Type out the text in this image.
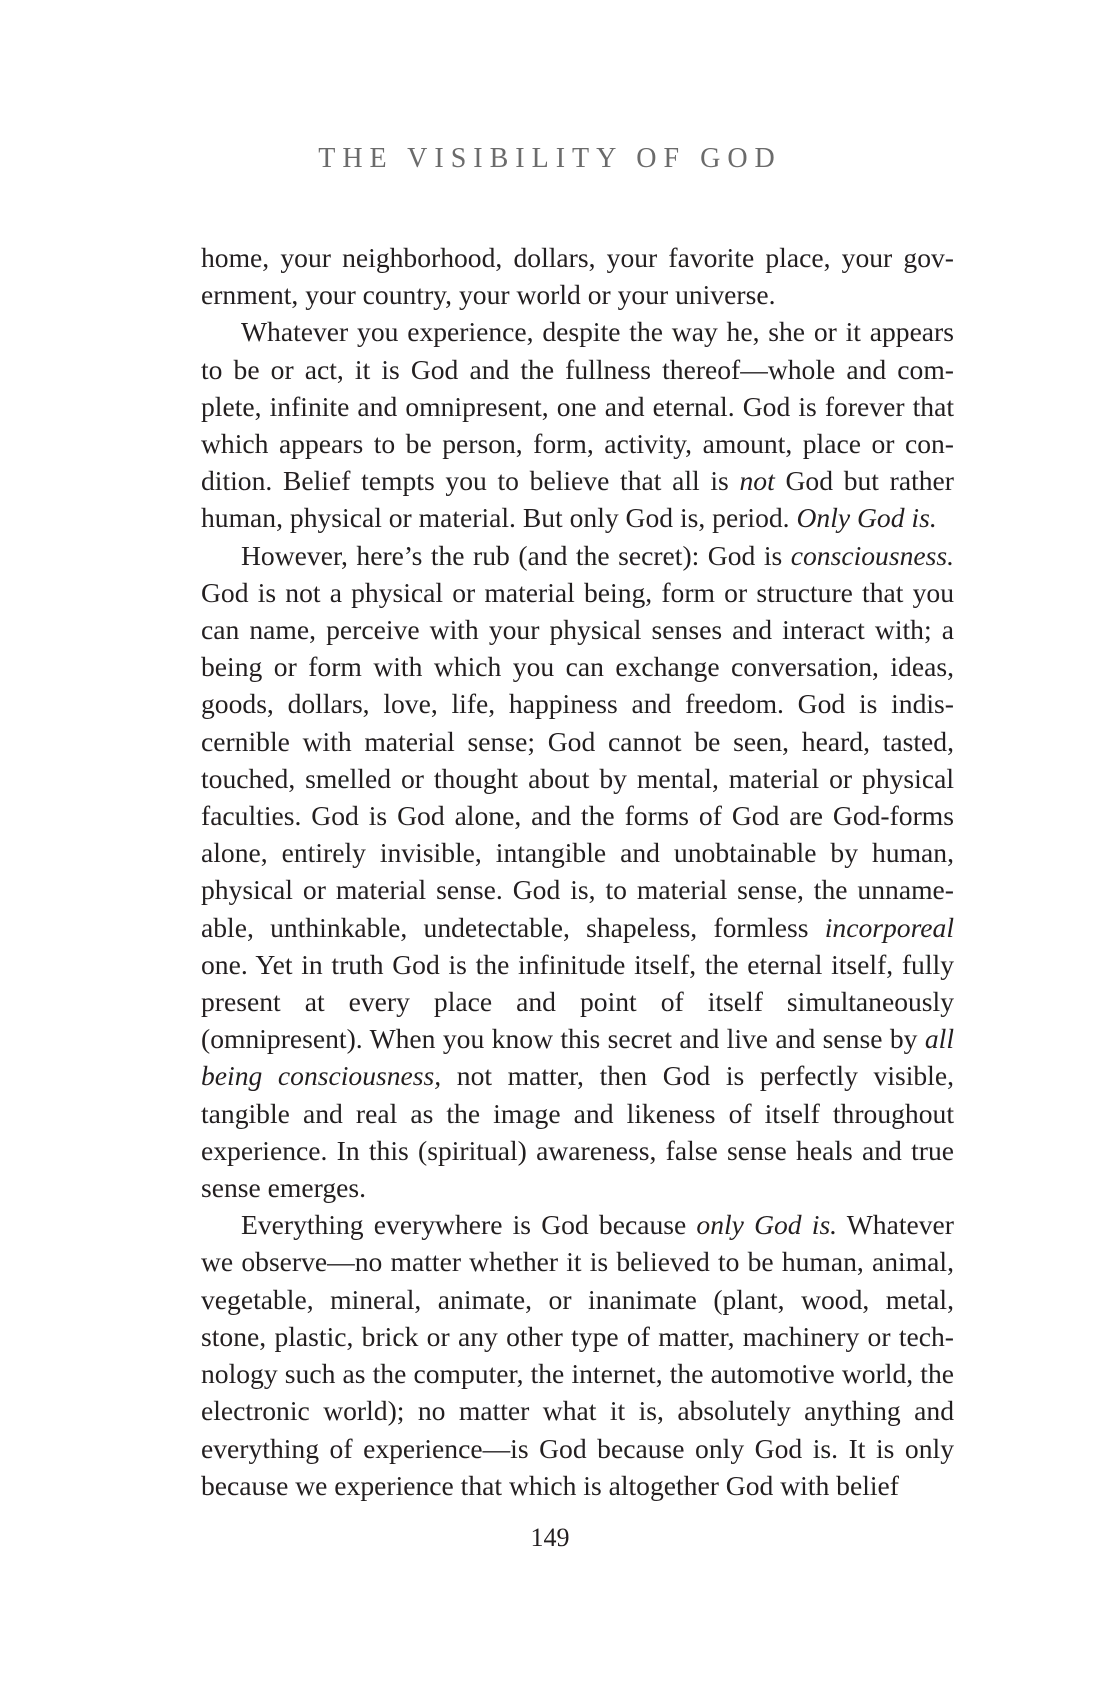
THE VISIBILITY OF GOD

home, your neighborhood, dollars, your favorite place, your government, your country, your world or your universe.

Whatever you experience, despite the way he, she or it appears to be or act, it is God and the fullness thereof—whole and complete, infinite and omnipresent, one and eternal. God is forever that which appears to be person, form, activity, amount, place or condition. Belief tempts you to believe that all is not God but rather human, physical or material. But only God is, period. Only God is.

However, here’s the rub (and the secret): God is consciousness. God is not a physical or material being, form or structure that you can name, perceive with your physical senses and interact with; a being or form with which you can exchange conversation, ideas, goods, dollars, love, life, happiness and freedom. God is indiscernible with material sense; God cannot be seen, heard, tasted, touched, smelled or thought about by mental, material or physical faculties. God is God alone, and the forms of God are God-forms alone, entirely invisible, intangible and unobtainable by human, physical or material sense. God is, to material sense, the unnameable, unthinkable, undetectable, shapeless, formless incorporeal one. Yet in truth God is the infinitude itself, the eternal itself, fully present at every place and point of itself simultaneously (omnipresent). When you know this secret and live and sense by all being consciousness, not matter, then God is perfectly visible, tangible and real as the image and likeness of itself throughout experience. In this (spiritual) awareness, false sense heals and true sense emerges.

Everything everywhere is God because only God is. Whatever we observe—no matter whether it is believed to be human, animal, vegetable, mineral, animate, or inanimate (plant, wood, metal, stone, plastic, brick or any other type of matter, machinery or technology such as the computer, the internet, the automotive world, the electronic world); no matter what it is, absolutely anything and everything of experience—is God because only God is. It is only because we experience that which is altogether God with belief

149
